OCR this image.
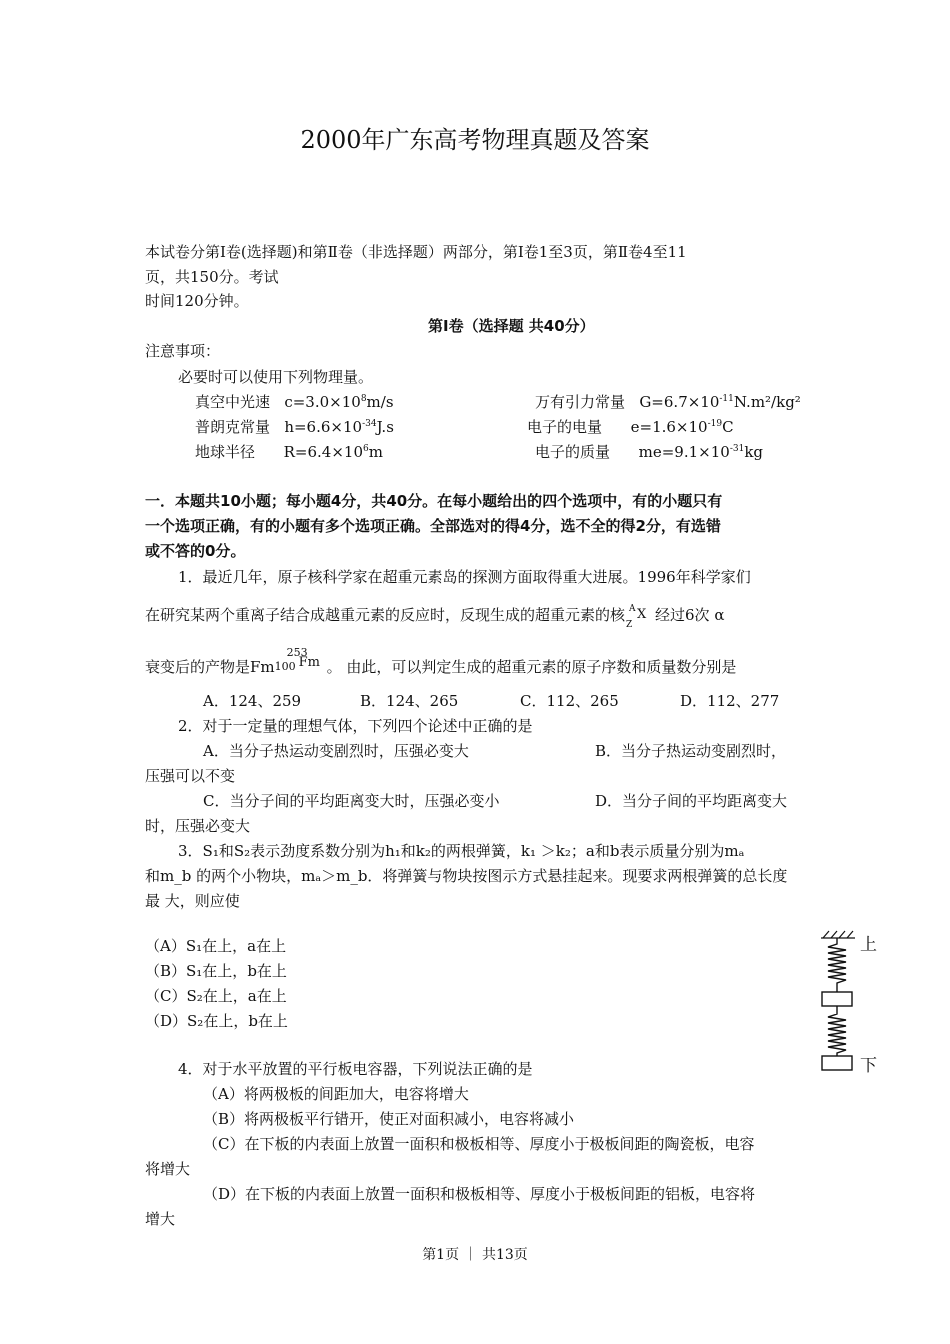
2000年广东高考物理真题及答案
本试卷分第Ⅰ卷(选择题)和第Ⅱ卷（非选择题）两部分，第Ⅰ卷1至3页，第Ⅱ卷4至11
页，共150分。考试
时间120分钟。
第Ⅰ卷（选择题 共40分）
注意事项：
必要时可以使用下列物理量。
真空中光速 $c=3.0\times 10^8m/s$	万有引力常量 $G=6.7\times 10^{-11}N.m^2$/kg²
普朗克常量 $h=6.6\times 10^{-34}J.s$	电子的电量 $e=1.6\times 10^{-19}C$
地球半径 $R=6.4\times 10^6m$	电子的质量 $me=9.1\times 10^{-31}kg$
一．本题共10小题；每小题4分，共40分。在每小题给出的四个选项中，有的小题只有
一个选项正确，有的小题有多个选项正确。全部选对的得4分，选不全的得2分，有选错
或不答的0分。
1．最近几年，原子核科学家在超重元素岛的探测方面取得重大进展。1996年科学家们
在研究某两个重离子结合成越重元素的反应时，反现生成的超重元素的核 A
Z
X 经过6次 α
衰变后的产物是Fm
253
100 Fm 。 由此，可以判定生成的超重元素的原子序数和质量数分别是
A．124、259	B．124、265	C．112、265	D．112、277
2．对于一定量的理想气体，下列四个论述中正确的是
A．当分子热运动变剧烈时，压强必变大	B．当分子热运动变剧烈时，
压强可以不变
C．当分子间的平均距离变大时，压强必变小	D．当分子间的平均距离变大
时，压强必变大
3．S₁和S₂表示劲度系数分别为h₁和k₂的两根弹簧，k₁ ＞k₂；a和b表示质量分别为mₐ
和m_b 的两个小物块，mₐ＞m_b．将弹簧与物块按图示方式悬挂起来。现要求两根弹簧的总长度
最 大，则应使
（A）S₁在上，a在上
（B）S₁在上，b在上
（C）S₂在上，a在上
（D）S₂在上，b在上
上
下
4．对于水平放置的平行板电容器，下列说法正确的是
（A）将两极板的间距加大，电容将增大
（B）将两极板平行错开，使正对面积减小，电容将减小
（C）在下板的内表面上放置一面积和极板相等、厚度小于极板间距的陶瓷板，电容
将增大
（D）在下板的内表面上放置一面积和极板相等、厚度小于极板间距的铝板，电容将
增大
第1页 ｜ 共13页
